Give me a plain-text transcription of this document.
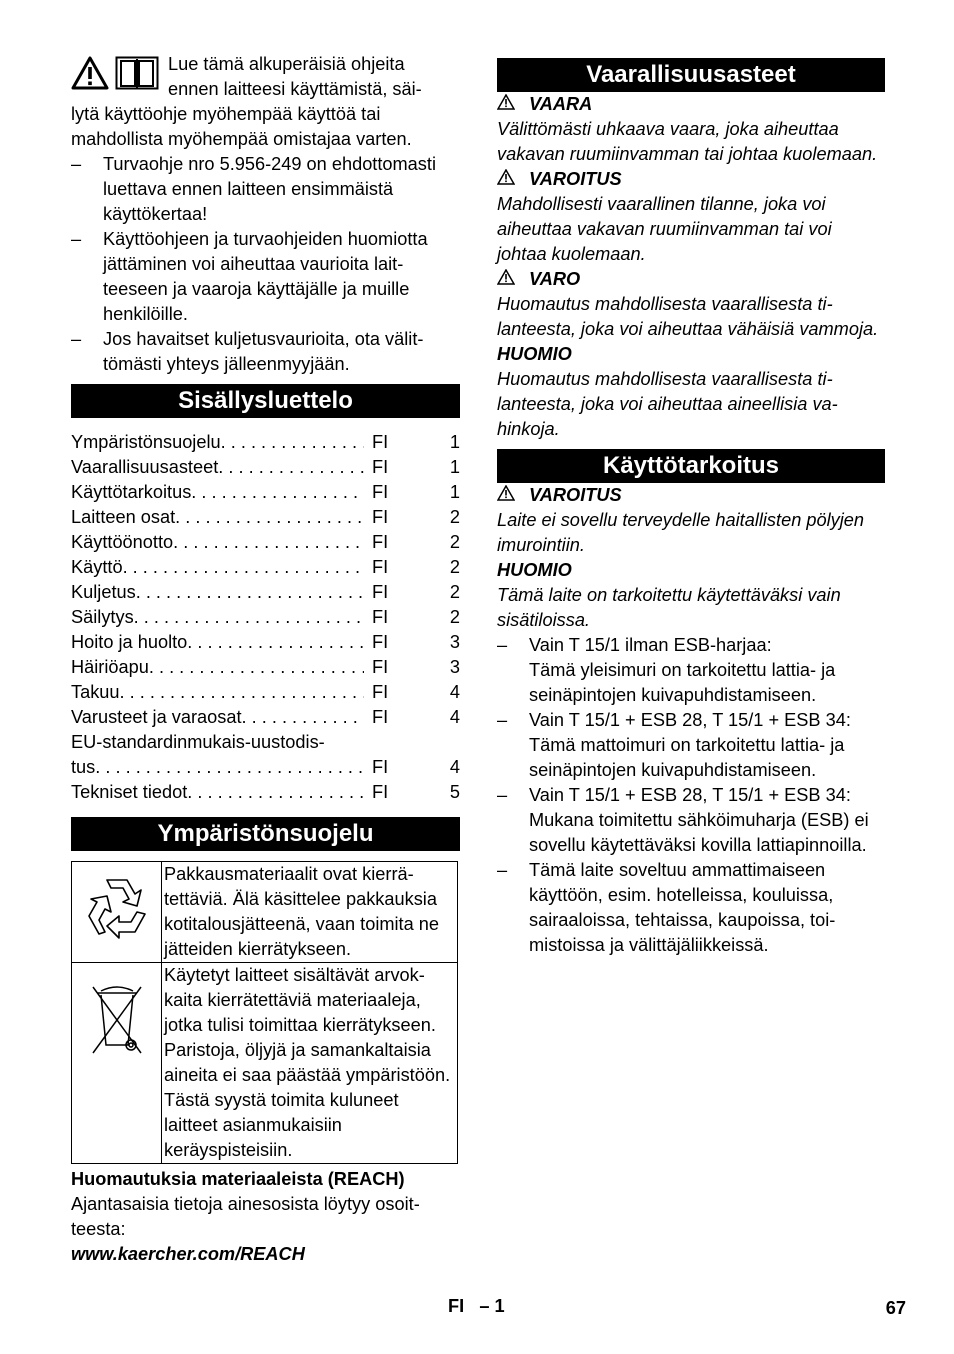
Lue tämä alkuperäisiä ohjeita
ennen laitteesi käyttämistä, säi-
lytä käyttöohje myöhempää käyttöä tai mahdollista myöhempää omistajaa varten.
–	Turvaohje nro 5.956-249 on ehdottomasti luettava ennen laitteen ensimmäistä käyttökertaa!
–	Käyttöohjeen ja turvaohjeiden huomiotta jättäminen voi aiheuttaa vaurioita laitteeseen ja vaaroja käyttäjälle ja muille henkilöille.
–	Jos havaitset kuljetusvaurioita, ota välittömästi yhteys jälleenmyyjään.
Sisällysluettelo
Ympäristönsuojelu . . .	FI	1
Vaarallisuusasteet . . .	FI	1
Käyttötarkoitus . . .	FI	1
Laitteen osat . . .	FI	2
Käyttöönotto . . .	FI	2
Käyttö . . .	FI	2
Kuljetus . . .	FI	2
Säilytys . . .	FI	2
Hoito ja huolto . . .	FI	3
Häiriöapu . . .	FI	3
Takuu . . .	FI	4
Varusteet ja varaosat . . .	FI	4
EU-standardinmukais-uustodis-
tus . . .	FI	4
Tekniset tiedot . . .	FI	5
Ympäristönsuojelu
	Pakkausmateriaalit ovat kierrätettäviä. Älä käsittelee pakkauksia kotitalousjätteenä, vaan toimita ne jätteiden kierrätykseen.
	Käytetyt laitteet sisältävät arvokkaita kierrätettäviä materiaaleja, jotka tulisi toimittaa kierrätykseen. Paristoja, öljyjä ja samankaltaisia aineita ei saa päästää ympäristöön. Tästä syystä toimita kuluneet laitteet asianmukaisiin keräyspisteisiin.
Huomautuksia materiaaleista (REACH)
Ajantasaisia tietoja ainesosista löytyy osoitteesta:
www.kaercher.com/REACH
Vaarallisuusasteet
VAARA
Välittömästi uhkaava vaara, joka aiheuttaa vakavan ruumiinvamman tai johtaa kuolemaan.
VAROITUS
Mahdollisesti vaarallinen tilanne, joka voi aiheuttaa vakavan ruumiinvamman tai voi johtaa kuolemaan.
VARO
Huomautus mahdollisesta vaarallisesta tilanteesta, joka voi aiheuttaa vähäisiä vammoja.
HUOMIO
Huomautus mahdollisesta vaarallisesta tilanteesta, joka voi aiheuttaa aineellisia vahinkoja.
Käyttötarkoitus
VAROITUS
Laite ei sovellu terveydelle haitallisten pölyjen imurointiin.
HUOMIO
Tämä laite on tarkoitettu käytettäväksi vain sisätiloissa.
–	Vain T 15/1 ilman ESB-harjaa:
Tämä yleisimuri on tarkoitettu lattia- ja seinäpintojen kuivapuhdistamiseen.
–	Vain T 15/1 + ESB 28, T 15/1 + ESB 34:
Tämä mattoimuri on tarkoitettu lattia- ja seinäpintojen kuivapuhdistamiseen.
–	Vain T 15/1 + ESB 28, T 15/1 + ESB 34:
Mukana toimitettu sähköimuharja (ESB) ei sovellu käytettäväksi kovilla lattiapinnoilla.
–	Tämä laite soveltuu ammattimaiseen käyttöön, esim. hotelleissa, kouluissa, sairaaloissa, tehtaissa, kaupoissa, toimistoissa ja välittäjäliikkeissä.
FI   – 1	67
